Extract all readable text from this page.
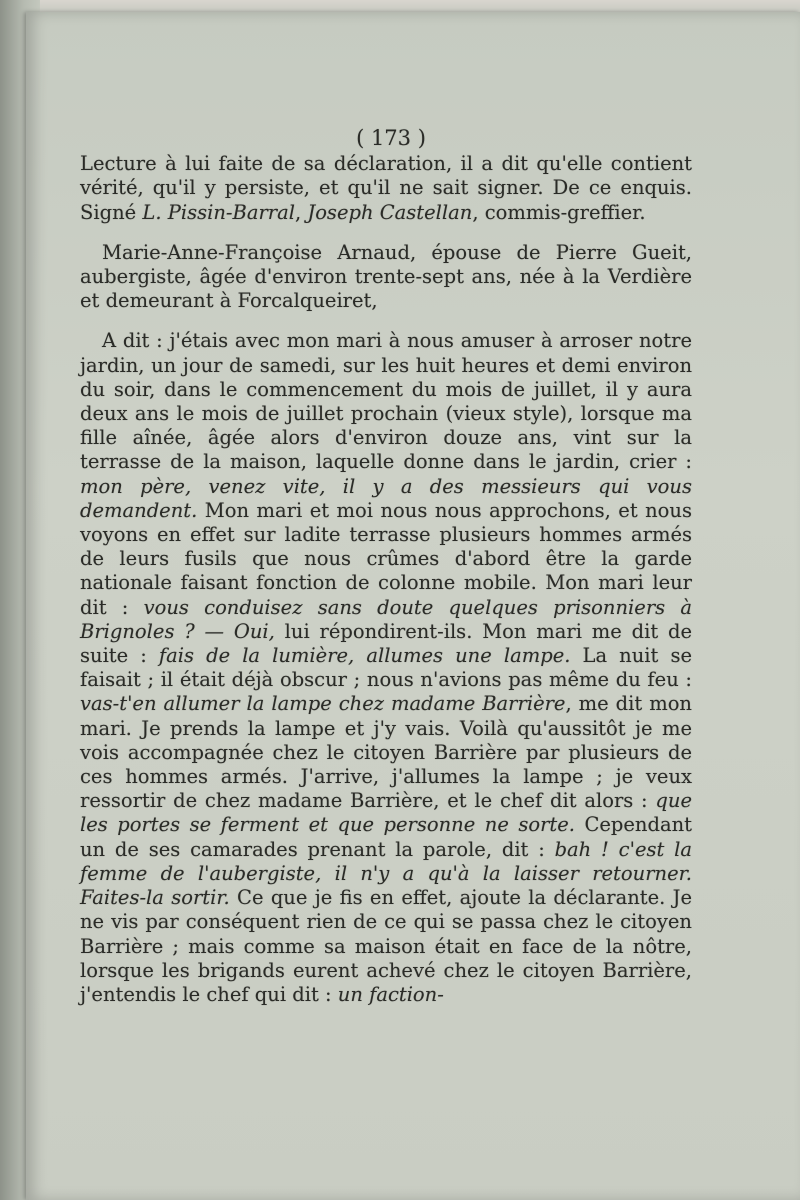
( 173 )

Lecture à lui faite de sa déclaration, il a dit qu'elle contient vérité, qu'il y persiste, et qu'il ne sait signer. De ce enquis. Signé L. Pissin-Barral, Joseph Castellan, commis-greffier.

Marie-Anne-Françoise Arnaud, épouse de Pierre Gueit, aubergiste, âgée d'environ trente-sept ans, née à la Verdière et demeurant à Forcalqueiret,

A dit : j'étais avec mon mari à nous amuser à arroser notre jardin, un jour de samedi, sur les huit heures et demi environ du soir, dans le commencement du mois de juillet, il y aura deux ans le mois de juillet prochain (vieux style), lorsque ma fille aînée, âgée alors d'environ douze ans, vint sur la terrasse de la maison, laquelle donne dans le jardin, crier : mon père, venez vite, il y a des messieurs qui vous demandent. Mon mari et moi nous nous approchons, et nous voyons en effet sur ladite terrasse plusieurs hommes armés de leurs fusils que nous crûmes d'abord être la garde nationale faisant fonction de colonne mobile. Mon mari leur dit : vous conduisez sans doute quelques prisonniers à Brignoles ? — Oui, lui répondirent-ils. Mon mari me dit de suite : fais de la lumière, allumes une lampe. La nuit se faisait ; il était déjà obscur ; nous n'avions pas même du feu : vas-t'en allumer la lampe chez madame Barrière, me dit mon mari. Je prends la lampe et j'y vais. Voilà qu'aussitôt je me vois accompagnée chez le citoyen Barrière par plusieurs de ces hommes armés. J'arrive, j'allumes la lampe ; je veux ressortir de chez madame Barrière, et le chef dit alors : que les portes se ferment et que personne ne sorte. Cependant un de ses camarades prenant la parole, dit : bah ! c'est la femme de l'aubergiste, il n'y a qu'à la laisser retourner. Faites-la sortir. Ce que je fis en effet, ajoute la déclarante. Je ne vis par conséquent rien de ce qui se passa chez le citoyen Barrière ; mais comme sa maison était en face de la nôtre, lorsque les brigands eurent achevé chez le citoyen Barrière, j'entendis le chef qui dit : un faction-
